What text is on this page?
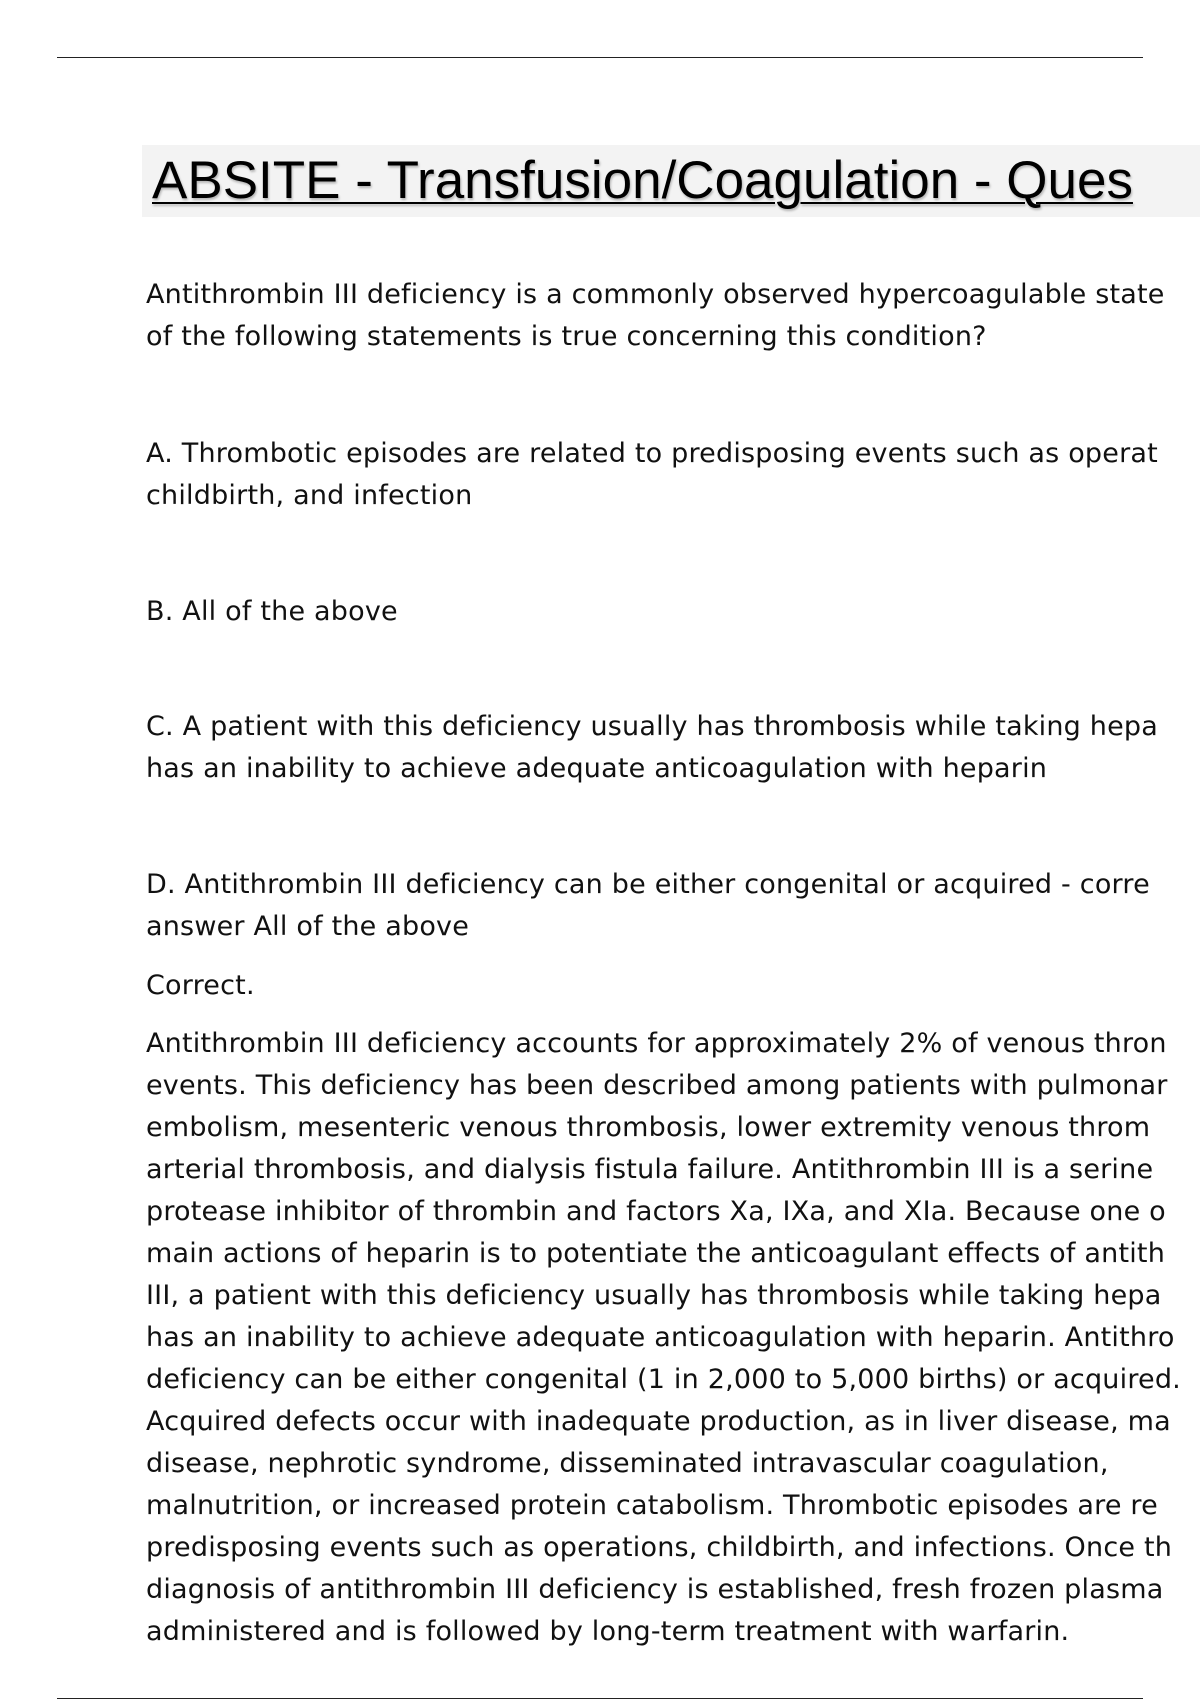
ABSITE - Transfusion/Coagulation - Ques

Antithrombin III deficiency is a commonly observed hypercoagulable state
of the following statements is true concerning this condition?

A. Thrombotic episodes are related to predisposing events such as operat
childbirth, and infection

B. All of the above

C. A patient with this deficiency usually has thrombosis while taking hepa
has an inability to achieve adequate anticoagulation with heparin

D. Antithrombin III deficiency can be either congenital or acquired - corre
answer All of the above

Correct.

Antithrombin III deficiency accounts for approximately 2% of venous thron
events. This deficiency has been described among patients with pulmonar
embolism, mesenteric venous thrombosis, lower extremity venous throm
arterial thrombosis, and dialysis fistula failure. Antithrombin III is a serine
protease inhibitor of thrombin and factors Xa, IXa, and XIa. Because one o
main actions of heparin is to potentiate the anticoagulant effects of antith
III, a patient with this deficiency usually has thrombosis while taking hepa
has an inability to achieve adequate anticoagulation with heparin. Antithro
deficiency can be either congenital (1 in 2,000 to 5,000 births) or acquired.
Acquired defects occur with inadequate production, as in liver disease, ma
disease, nephrotic syndrome, disseminated intravascular coagulation,
malnutrition, or increased protein catabolism. Thrombotic episodes are re
predisposing events such as operations, childbirth, and infections. Once th
diagnosis of antithrombin III deficiency is established, fresh frozen plasma
administered and is followed by long-term treatment with warfarin.
